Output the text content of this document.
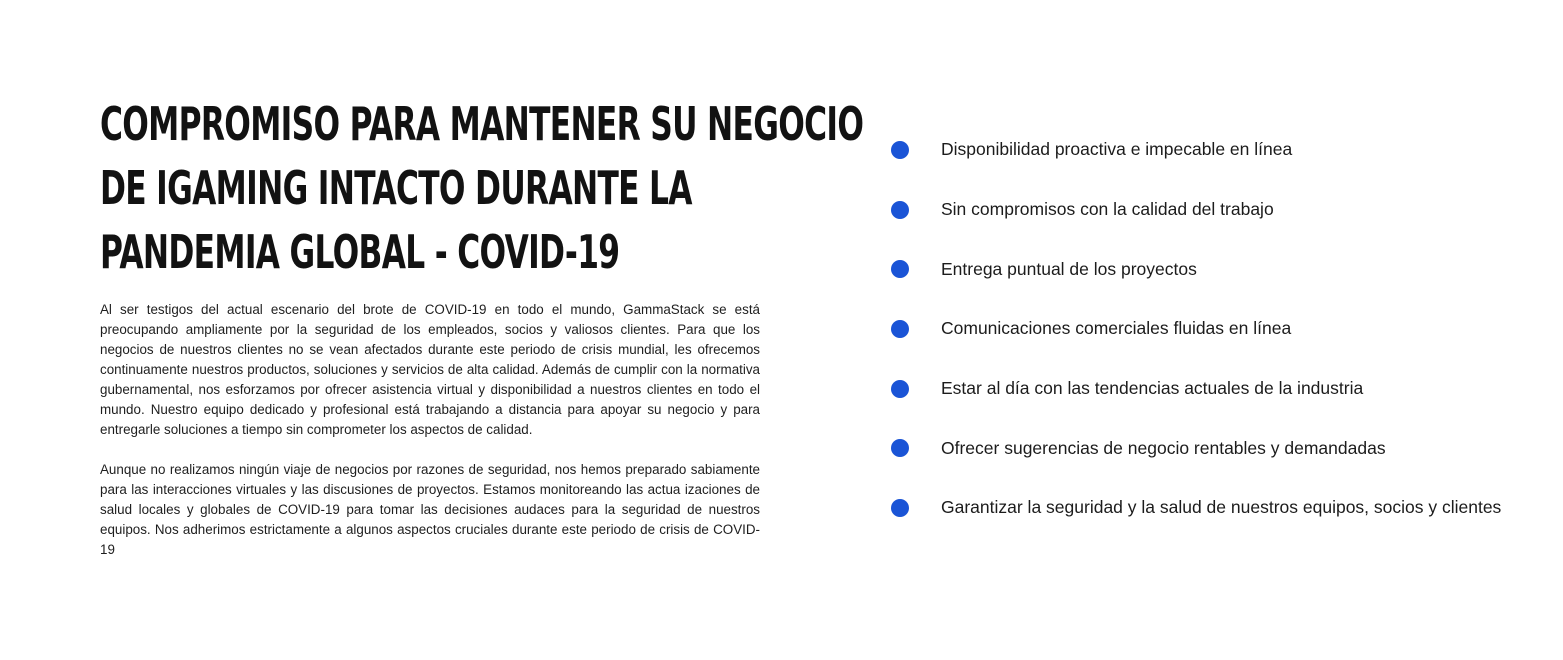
COMPROMISO PARA MANTENER SU NEGOCIO
DE IGAMING INTACTO DURANTE LA
PANDEMIA GLOBAL - COVID-19

Al ser testigos del actual escenario del brote de COVID-19 en todo el mundo, GammaStack se está preocupando ampliamente por la seguridad de los empleados, socios y valiosos clientes. Para que los negocios de nuestros clientes no se vean afectados durante este periodo de crisis mundial, les ofrecemos continuamente nuestros productos, soluciones y servicios de alta calidad. Además de cumplir con la normativa gubernamental, nos esforzamos por ofrecer asistencia virtual y disponibilidad a nuestros clientes en todo el mundo. Nuestro equipo dedicado y profesional está trabajando a distancia para apoyar su negocio y para entregarle soluciones a tiempo sin comprometer los aspectos de calidad.

Aunque no realizamos ningún viaje de negocios por razones de seguridad, nos hemos preparado sabiamente para las interacciones virtuales y las discusiones de proyectos. Estamos monitoreando las actua izaciones de salud locales y globales de COVID-19 para tomar las decisiones audaces para la seguridad de nuestros equipos. Nos adherimos estrictamente a algunos aspectos cruciales durante este periodo de crisis de COVID-19

Disponibilidad proactiva e impecable en línea
Sin compromisos con la calidad del trabajo
Entrega puntual de los proyectos
Comunicaciones comerciales fluidas en línea
Estar al día con las tendencias actuales de la industria
Ofrecer sugerencias de negocio rentables y demandadas
Garantizar la seguridad y la salud de nuestros equipos, socios y clientes
